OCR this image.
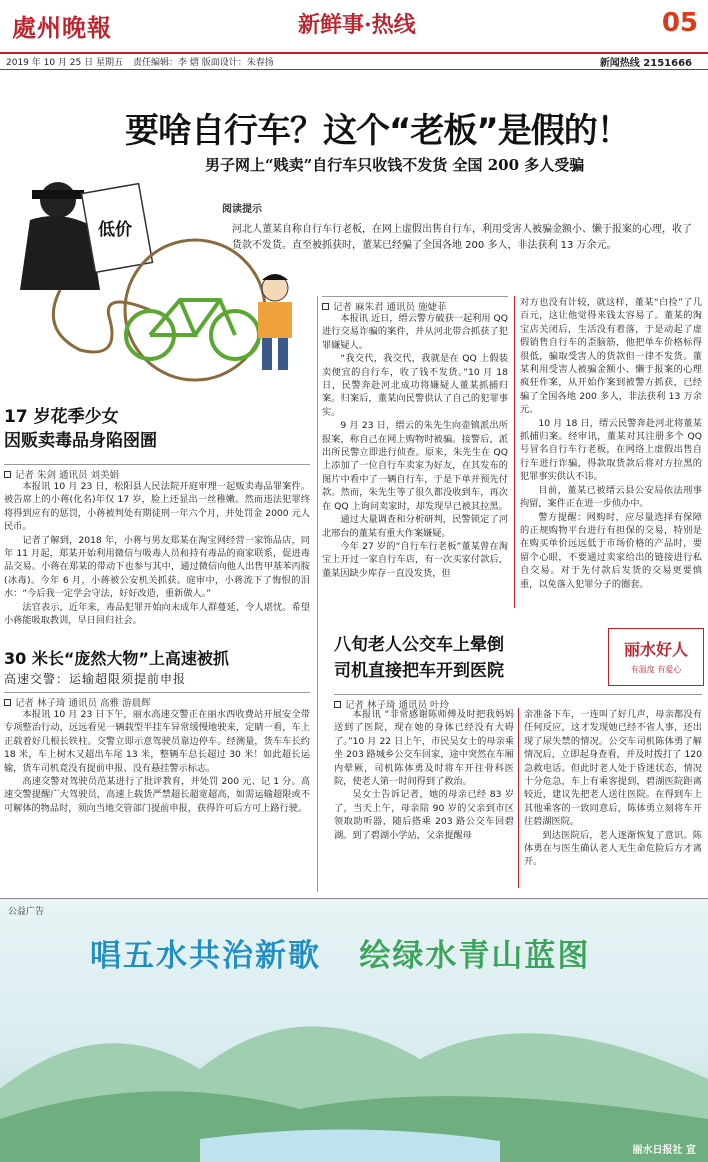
處州晚報	新鲜事·热线	05
2019 年 10 月 25 日 星期五 责任编辑：李 熠 版面设计：朱春扬	新闻热线 2151666
要啥自行车？这个“老板”是假的！
男子网上“贱卖”自行车只收钱不发货 全国 200 多人受骗
低价
阅读提示
河北人董某自称自行车行老板，在网上虚假出售自行车，利用受害人被骗金额小、懒于报案的心理，收了货款不发货。直至被抓获时，董某已经骗了全国各地 200 多人，非法获利 13 万余元。
记者 麻朱君 通讯员 施婕菲

本报讯 近日，缙云警方破获一起利用 QQ 进行交易诈骗的案件，并从河北带合抓获了犯罪嫌疑人。

“我交代，我交代，我就是在 QQ 上假装卖便宜的自行车，收了钱不发货。”10 月 18 日，民警奔赴河北成功将嫌疑人董某抓捕归案。归案后，董某向民警供认了自己的犯罪事实。

9 月 23 日，缙云的朱先生向壶镇派出所报案，称自己在网上购物时被骗。接警后，派出所民警立即进行侦查。原来，朱先生在 QQ 上添加了一位自行车卖家为好友，在其发布的图片中看中了一辆自行车，于是下单并预先付款。然而，朱先生等了很久都没收到车，再次在 QQ 上询问卖家时，却发现早已被其拉黑。

通过大量调查和分析研判，民警锁定了河北邢台的董某有重大作案嫌疑。

今年 27 岁的“自行车行老板”董某曾在淘宝上开过一家自行车店，有一次买家付款后，董某因缺少库存一直没发货，但

对方也没有计较，就这样，董某“白捡”了几百元，这让他觉得来钱太容易了。董某的淘宝店关闭后，生活没有着落，于是动起了虚假销售自行车的歪脑筋，他把单车价格标得很低，骗取受害人的货款但一律不发货。董某利用受害人被骗金额小、懒于报案的心理疯狂作案，从开始作案到被警方抓获，已经骗了全国各地 200 多人，非法获利 13 万余元。

10 月 18 日，缙云民警奔赴河北将董某抓捕归案。经审讯，董某对其注册多个 QQ 号冒名自行车行老板，在网络上虚假出售自行车进行诈骗，得款取货款后将对方拉黑的犯罪事实供认不讳。

目前，董某已被缙云县公安局依法刑事拘留，案件正在进一步侦办中。

警方提醒：网购时，应尽量选择有保障的正规购物平台进行有担保的交易，特别是在购买单价远远低于市场价格的产品时，要留个心眼，不要通过卖家给出的链接进行私自交易。对于先付款后发货的交易更要慎重，以免落入犯罪分子的圈套。

17 岁花季少女
因贩卖毒品身陷囹圄
记者 朱剑 通讯员 刘美娟

本报讯 10 月 23 日，松阳县人民法院开庭审理一起贩卖毒品罪案件。被告席上的小蒋(化名)年仅 17 岁，脸上还显出一丝稚嫩。然而违法犯罪终将得到应有的惩罚，小蒋被判处有期徒刑一年六个月，并处罚金 2000 元人民币。

记者了解到，2018 年，小蒋与男友郑某在淘宝网经营一家饰品店，同年 11 月起，郑某开始利用微信与吸毒人员和持有毒品的商家联系，促进毒品交易。小蒋在郑某的带动下也参与其中，通过微信向他人出售甲基苯丙胺(冰毒)。今年 6 月，小蒋被公安机关抓获。庭审中，小蒋流下了悔恨的泪水：“今后我一定学会守法，好好改造，重新做人。”

法官表示，近年来，毒品犯罪开始向未成年人群蔓延，令人堪忧。希望小蒋能吸取教训，早日回归社会。

30 米长“庞然大物”上高速被抓
高速交警：运输超限须提前申报
记者 林子琦 通讯员 高雅 游晨辉

本报讯 10 月 23 日下午，丽水高速交警正在丽水西收费站开展安全带专项整治行动，远远看见一辆载型半挂车异常缓慢地驶来，定睛一看，车上正载着好几根长铁柱。交警立即示意驾驶员靠边停车。经测量，货车车长约 18 米，车上树木又超出车尾 13 米，整辆车总长超过 30 米！如此超长运输，货车司机竟没有提前申报、没有悬挂警示标志。

高速交警对驾驶员范某进行了批评教育，并处罚 200 元、记 1 分。高速交警提醒广大驾驶员，高速上载货严禁超长超宽超高，如需运输超限或不可解体的物品时，须向当地交管部门提前申报，获得许可后方可上路行驶。

八旬老人公交车上晕倒
司机直接把车开到医院
丽水好人
有温度 有爱心
记者 林子琦 通讯员 叶玲

本报讯 “非常感谢陈师傅及时把我妈妈送到了医院，现在她的身体已经没有大碍了。”10 月 22 日上午，市民吴女士的母亲乘坐 203 路城乡公交车回家，途中突然在车厢内晕厥，司机陈体勇及时将车开往骨科医院，使老人第一时间得到了救治。

吴女士告诉记者，她的母亲已经 83 岁了，当天上午，母亲陪 90 岁的父亲到市区领取助听器，随后搭乘 203 路公交车回碧湖。到了碧湖小学站，父亲提醒母

亲准备下车，一连叫了好几声，母亲都没有任何反应，这才发现她已经不省人事，还出现了尿失禁的情况。公交车司机陈体勇了解情况后，立即起身查看，并及时拨打了 120 急救电话。但此时老人处于昏迷状态，情况十分危急，车上有乘客提到，碧湖医院距离较近，建议先把老人送往医院。在得到车上其他乘客的一致同意后，陈体勇立刻将车开往碧湖医院。

到达医院后，老人逐渐恢复了意识。陈体勇在与医生确认老人无生命危险后方才离开。

公益广告
唱五水共治新歌 绘绿水青山蓝图
丽水日报社 宣
